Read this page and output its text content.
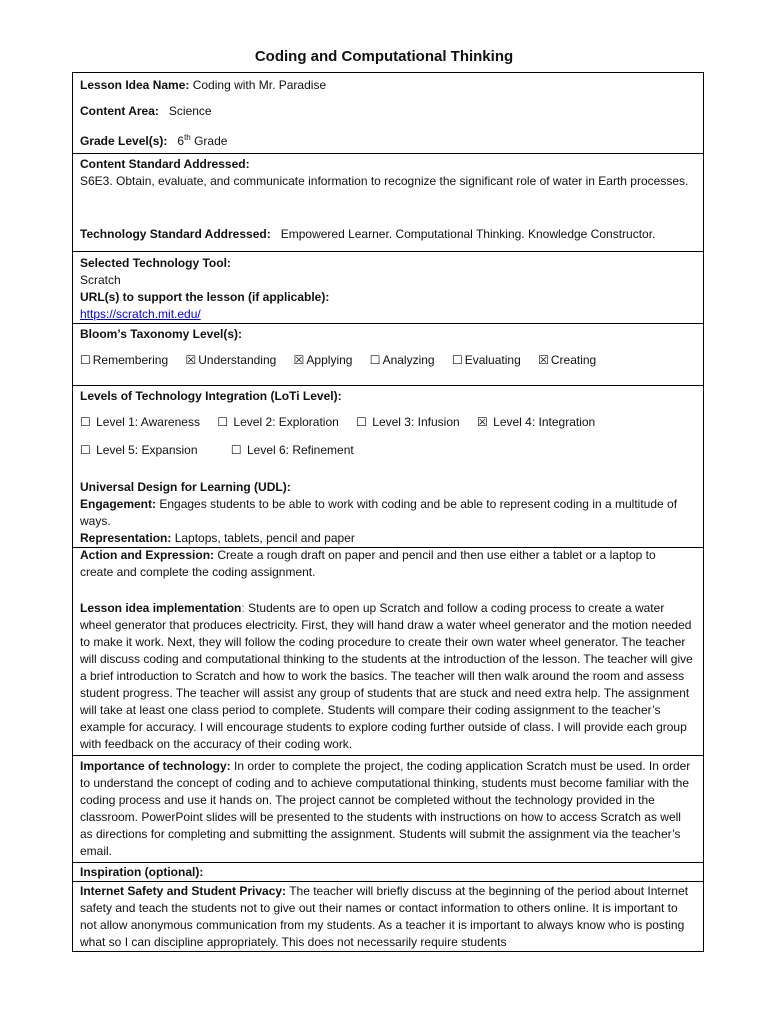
Coding and Computational Thinking
Lesson Idea Name: Coding with Mr. Paradise
Content Area: Science
Grade Level(s): 6th Grade
Content Standard Addressed:
S6E3. Obtain, evaluate, and communicate information to recognize the significant role of water in Earth processes.
Technology Standard Addressed: Empowered Learner. Computational Thinking. Knowledge Constructor.
Selected Technology Tool:
Scratch
URL(s) to support the lesson (if applicable):
https://scratch.mit.edu/
Bloom’s Taxonomy Level(s):
☐ Remembering ☒ Understanding ☒ Applying ☐ Analyzing ☐ Evaluating ☒ Creating
Levels of Technology Integration (LoTi Level):
☐ Level 1: Awareness ☐ Level 2: Exploration ☐ Level 3: Infusion ☒ Level 4: Integration
☐ Level 5: Expansion	☐ Level 6: Refinement
Universal Design for Learning (UDL):
Engagement: Engages students to be able to work with coding and be able to represent coding in a multitude of ways.
Representation: Laptops, tablets, pencil and paper
Action and Expression: Create a rough draft on paper and pencil and then use either a tablet or a laptop to create and complete the coding assignment.
Lesson idea implementation: Students are to open up Scratch and follow a coding process to create a water wheel generator that produces electricity. First, they will hand draw a water wheel generator and the motion needed to make it work. Next, they will follow the coding procedure to create their own water wheel generator. The teacher will discuss coding and computational thinking to the students at the introduction of the lesson. The teacher will give a brief introduction to Scratch and how to work the basics. The teacher will then walk around the room and assess student progress. The teacher will assist any group of students that are stuck and need extra help. The assignment will take at least one class period to complete. Students will compare their coding assignment to the teacher’s example for accuracy. I will encourage students to explore coding further outside of class. I will provide each group with feedback on the accuracy of their coding work.
Importance of technology: In order to complete the project, the coding application Scratch must be used. In order to understand the concept of coding and to achieve computational thinking, students must become familiar with the coding process and use it hands on. The project cannot be completed without the technology provided in the classroom. PowerPoint slides will be presented to the students with instructions on how to access Scratch as well as directions for completing and submitting the assignment. Students will submit the assignment via the teacher’s email.
Inspiration (optional):
Internet Safety and Student Privacy: The teacher will briefly discuss at the beginning of the period about Internet safety and teach the students not to give out their names or contact information to others online. It is important to not allow anonymous communication from my students. As a teacher it is important to always know who is posting what so I can discipline appropriately. This does not necessarily require students
